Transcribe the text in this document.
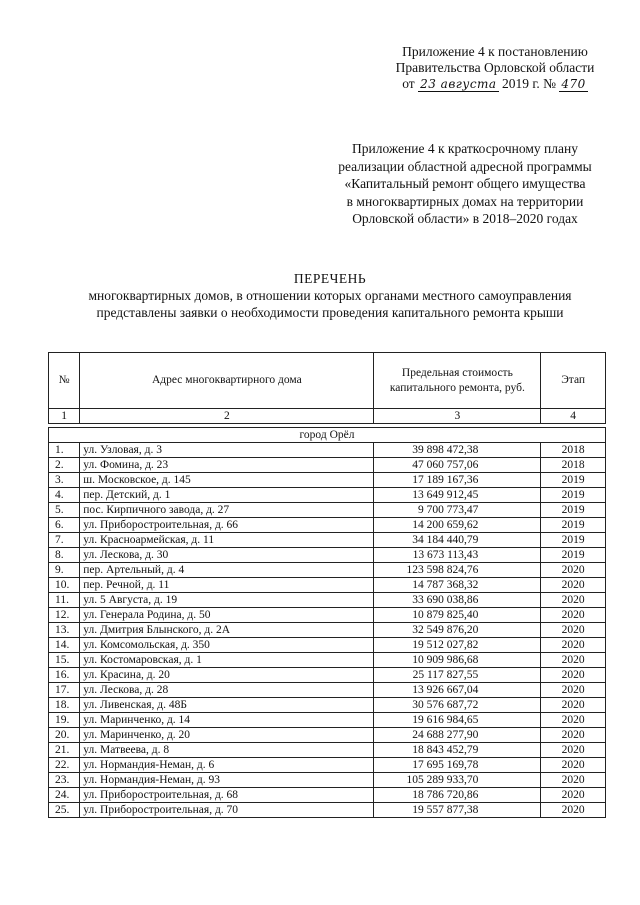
Приложение 4 к постановлению
Правительства Орловской области
от 23 августа 2019 г. № 470
Приложение 4 к краткосрочному плану
реализации областной адресной программы
«Капитальный ремонт общего имущества
в многоквартирных домах на территории
Орловской области» в 2018–2020 годах
ПЕРЕЧЕНЬ
многоквартирных домов, в отношении которых органами местного самоуправления
представлены заявки о необходимости проведения капитального ремонта крыши
№	Адрес многоквартирного дома	Предельная стоимость капитального ремонта, руб.	Этап
1	2	3	4

город Орёл			
1.	ул. Узловая, д. 3	39 898 472,38	2018
2.	ул. Фомина, д. 23	47 060 757,06	2018
3.	ш. Московское, д. 145	17 189 167,36	2019
4.	пер. Детский, д. 1	13 649 912,45	2019
5.	пос. Кирпичного завода, д. 27	9 700 773,47	2019
6.	ул. Приборостроительная, д. 66	14 200 659,62	2019
7.	ул. Красноармейская, д. 11	34 184 440,79	2019
8.	ул. Лескова, д. 30	13 673 113,43	2019
9.	пер. Артельный, д. 4	123 598 824,76	2020
10.	пер. Речной, д. 11	14 787 368,32	2020
11.	ул. 5 Августа, д. 19	33 690 038,86	2020
12.	ул. Генерала Родина, д. 50	10 879 825,40	2020
13.	ул. Дмитрия Блынского, д. 2А	32 549 876,20	2020
14.	ул. Комсомольская, д. 350	19 512 027,82	2020
15.	ул. Костомаровская, д. 1	10 909 986,68	2020
16.	ул. Красина, д. 20	25 117 827,55	2020
17.	ул. Лескова, д. 28	13 926 667,04	2020
18.	ул. Ливенская, д. 48Б	30 576 687,72	2020
19.	ул. Маринченко, д. 14	19 616 984,65	2020
20.	ул. Маринченко, д. 20	24 688 277,90	2020
21.	ул. Матвеева, д. 8	18 843 452,79	2020
22.	ул. Нормандия-Неман, д. 6	17 695 169,78	2020
23.	ул. Нормандия-Неман, д. 93	105 289 933,70	2020
24.	ул. Приборостроительная, д. 68	18 786 720,86	2020
25.	ул. Приборостроительная, д. 70	19 557 877,38	2020
